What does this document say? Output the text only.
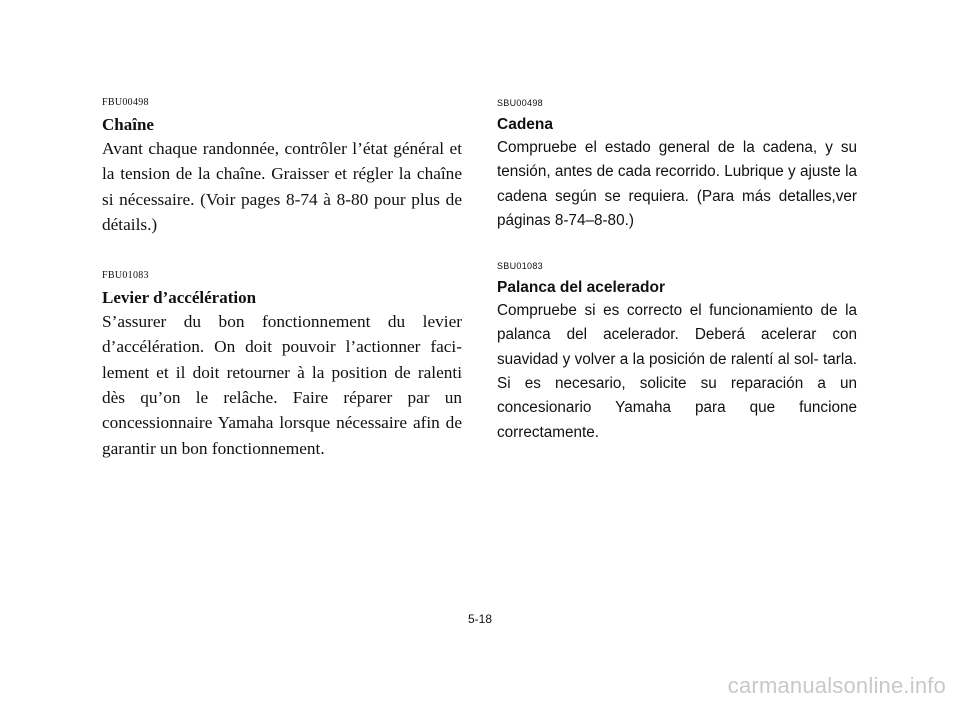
FBU00498
Chaîne

Avant chaque randonnée, contrôler l’état général et la tension de la chaîne. Graisser et régler la chaîne si nécessaire. (Voir pages 8-74 à 8-80 pour plus de détails.)

FBU01083
Levier d’accélération

S’assurer du bon fonctionnement du levier d’accélération. On doit pouvoir l’actionner faci- lement et il doit retourner à la position de ralenti dès qu’on le relâche. Faire réparer par un concessionnaire Yamaha lorsque nécessaire afin de garantir un bon fonctionnement.

SBU00498
Cadena

Compruebe el estado general de la cadena, y su tensión, antes de cada recorrido. Lubrique y ajuste la cadena según se requiera. (Para más detalles,ver páginas 8-74–8-80.)

SBU01083
Palanca del acelerador

Compruebe si es correcto el funcionamiento de la palanca del acelerador. Deberá acelerar con suavidad y volver a la posición de ralentí al sol- tarla. Si es necesario, solicite su reparación a un concesionario Yamaha para que funcione correctamente.

5-18
carmanualsonline.info
